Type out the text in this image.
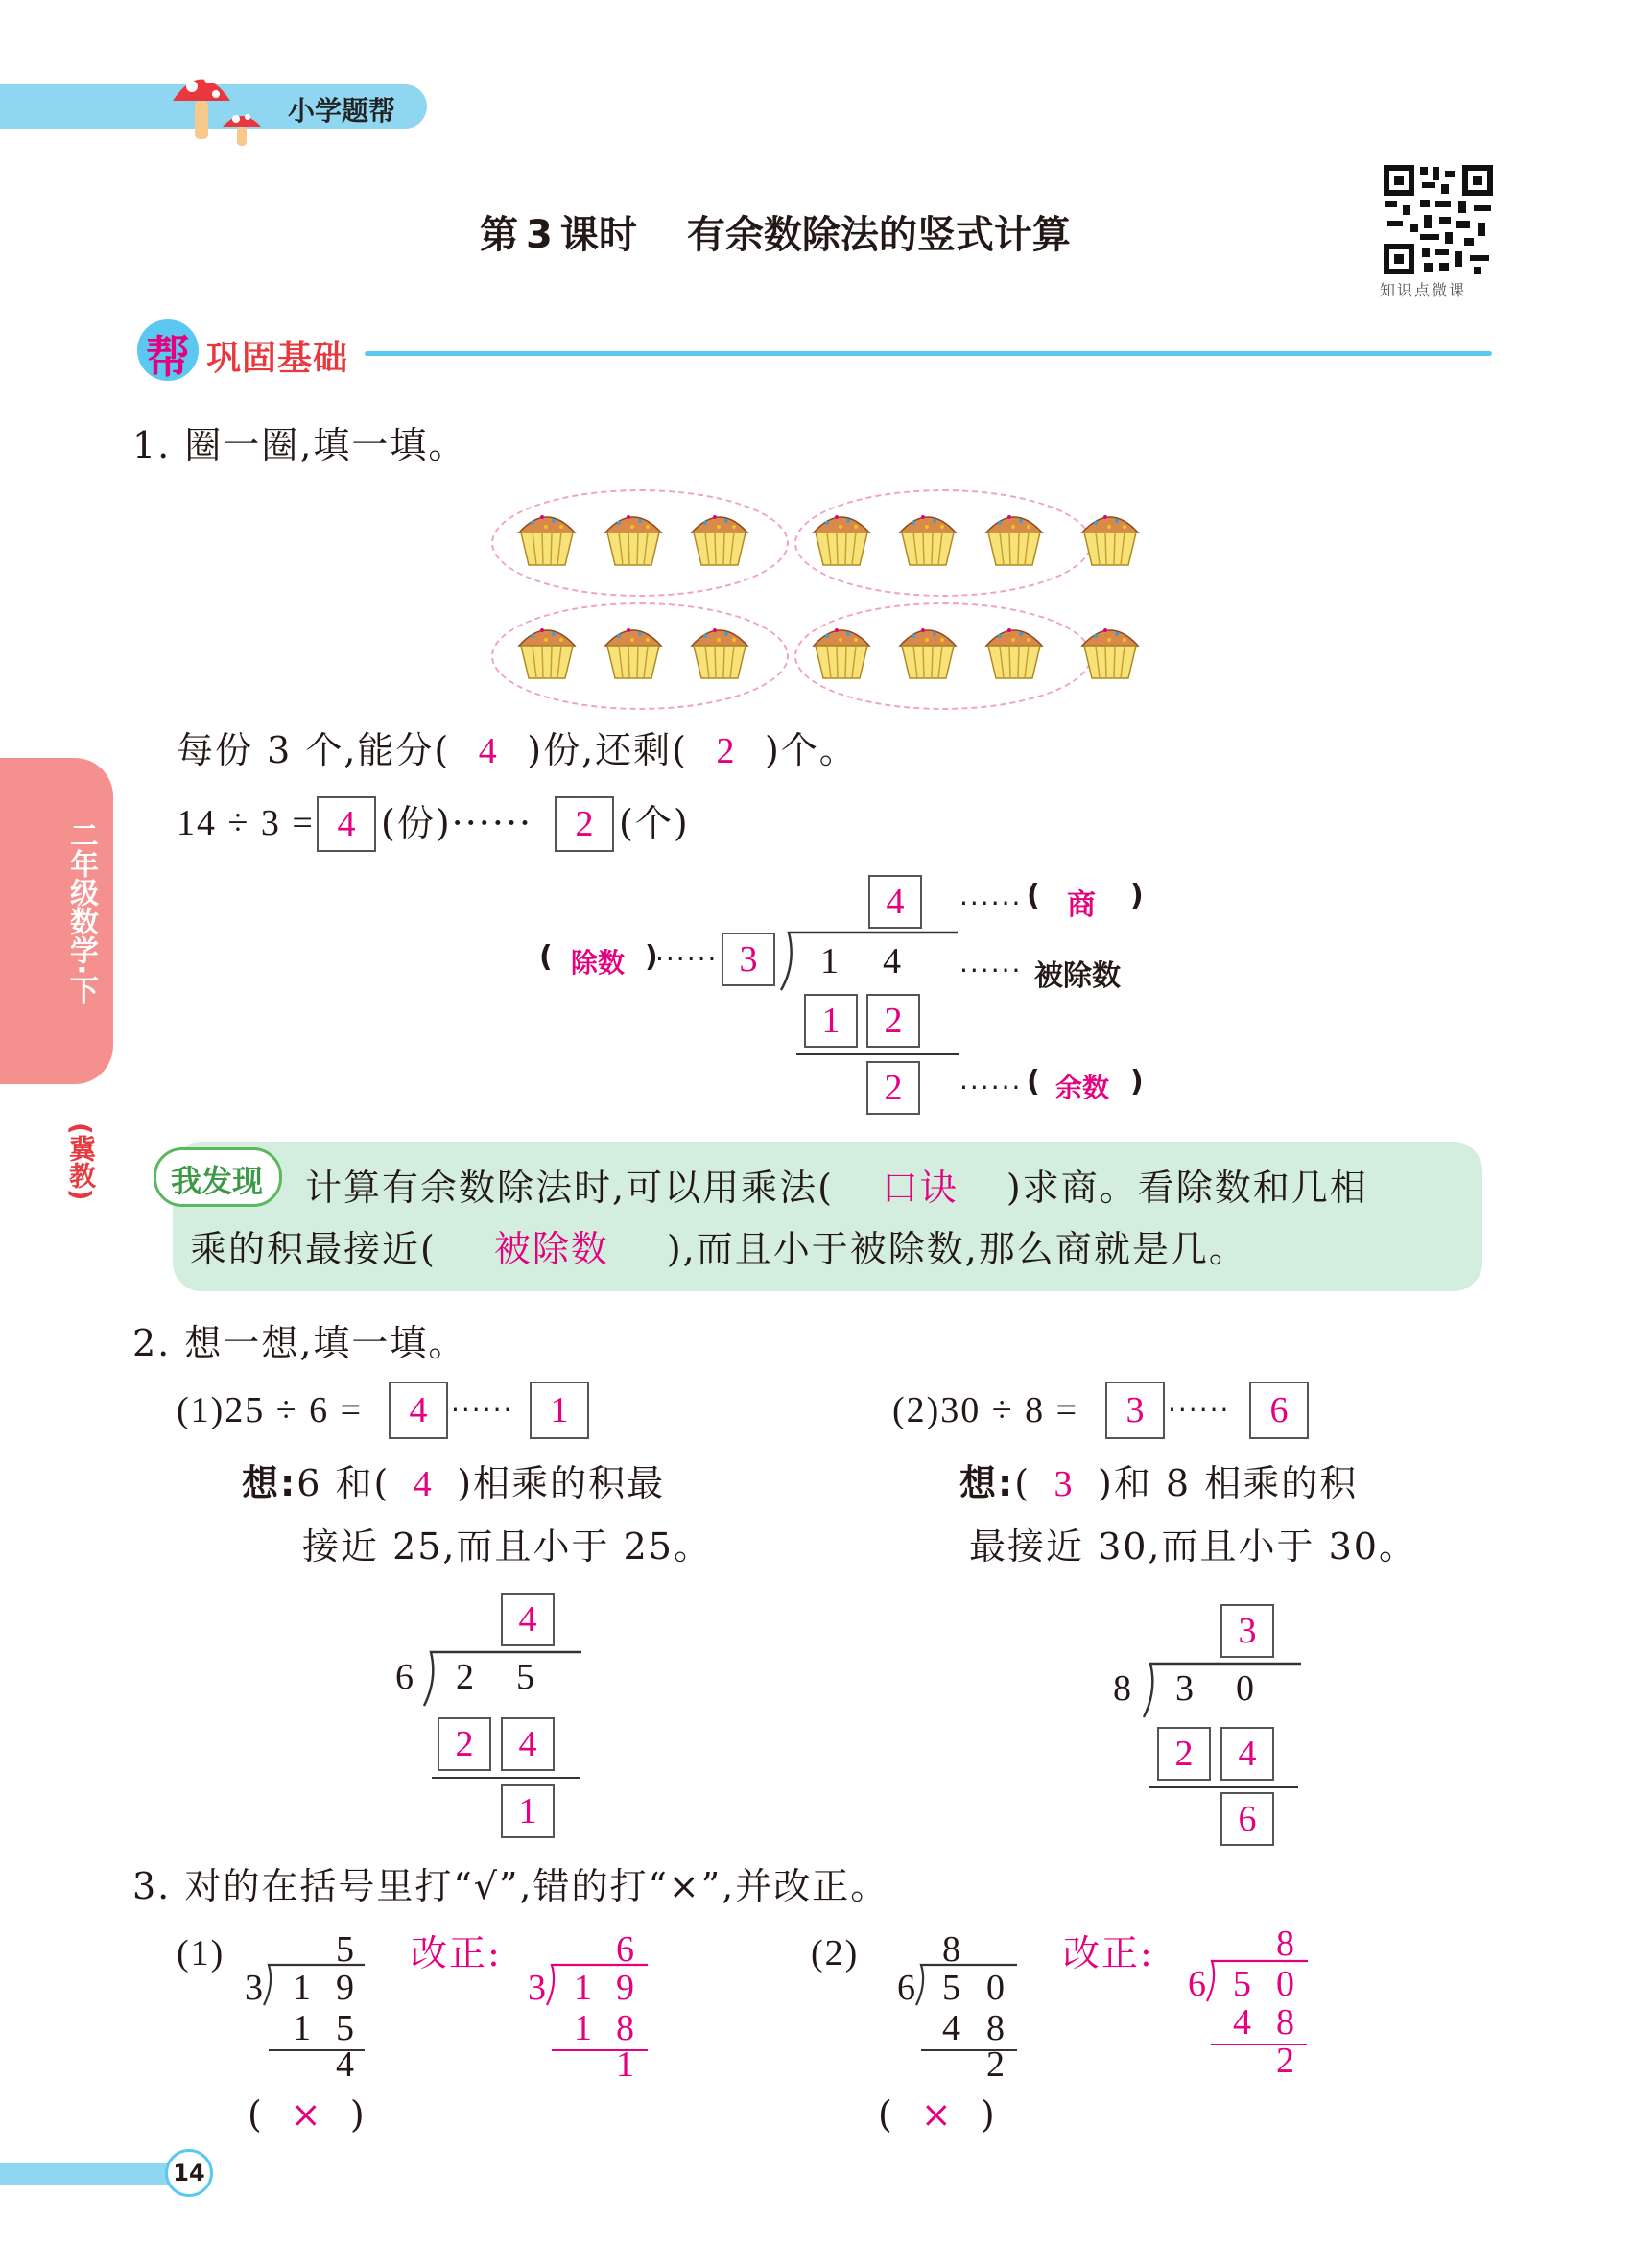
小学题帮
知识点微课
第 3 课时 有余数除法的竖式计算
帮 巩固基础
二年级数学·下
(冀教)
1. 圈一圈,填一填。
每份 3 个,能分( 4 )份,还剩( 2 )个。
14 ÷ 3 = 4 (份)······	2 (个)
4	······ ( 商 )
( 除数 )
······ 3	1 4 ······ 被除数
1	2
2	······ ( 余数 )
我发现 计算有余数除法时,可以用乘法( 口诀 )求商。看除数和几相
乘的积最接近( 被除数 ),而且小于被除数,那么商就是几。
2. 想一想,填一填。
(1)25 ÷ 6 =	4 ······	1
想:6 和( 4 )相乘的积最
接近 25,而且小于 25。
4
6 2 5
2	4
1
(2)30 ÷ 8 =	3 ······	6
想:( 3 )和 8 相乘的积
最接近 30,而且小于 30。
3
8 3 0
2	4
6
3. 对的在括号里打“√”,错的打“×”,并改正。
(1)	5
3 1 9
1 5
4
( × )
改正:	6
3 1 9
1 8
1
(2) 8
6 5 0
4 8
2
( × )
改正:	8
6 5 0
4 8
2
14
